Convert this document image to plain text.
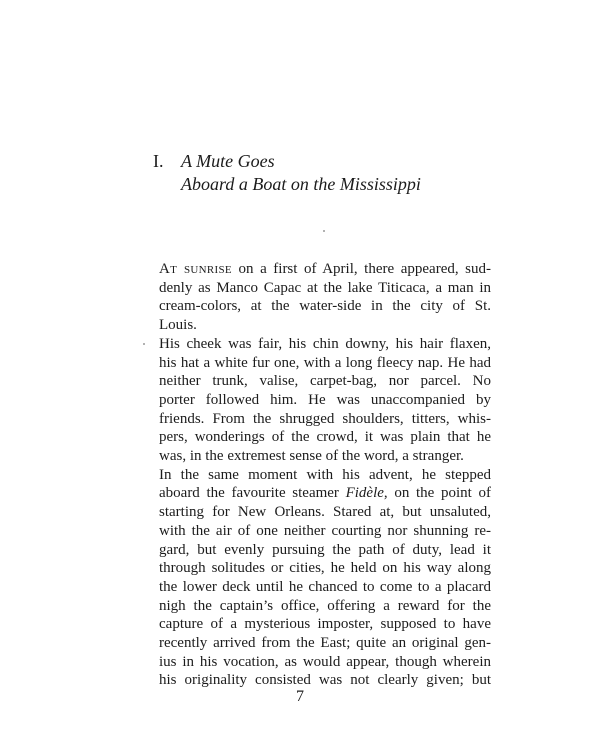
I. A Mute Goes
Aboard a Boat on the Mississippi

At sunrise on a first of April, there appeared, sud-
denly as Manco Capac at the lake Titicaca, a man in
cream-colors, at the water-side in the city of St.
Louis.

His cheek was fair, his chin downy, his hair flaxen,
his hat a white fur one, with a long fleecy nap. He had
neither trunk, valise, carpet-bag, nor parcel. No
porter followed him. He was unaccompanied by
friends. From the shrugged shoulders, titters, whis-
pers, wonderings of the crowd, it was plain that he
was, in the extremest sense of the word, a stranger.

In the same moment with his advent, he stepped
aboard the favourite steamer Fidèle, on the point of
starting for New Orleans. Stared at, but unsaluted,
with the air of one neither courting nor shunning re-
gard, but evenly pursuing the path of duty, lead it
through solitudes or cities, he held on his way along
the lower deck until he chanced to come to a placard
nigh the captain’s office, offering a reward for the
capture of a mysterious imposter, supposed to have
recently arrived from the East; quite an original gen-
ius in his vocation, as would appear, though wherein
his originality consisted was not clearly given; but

7
